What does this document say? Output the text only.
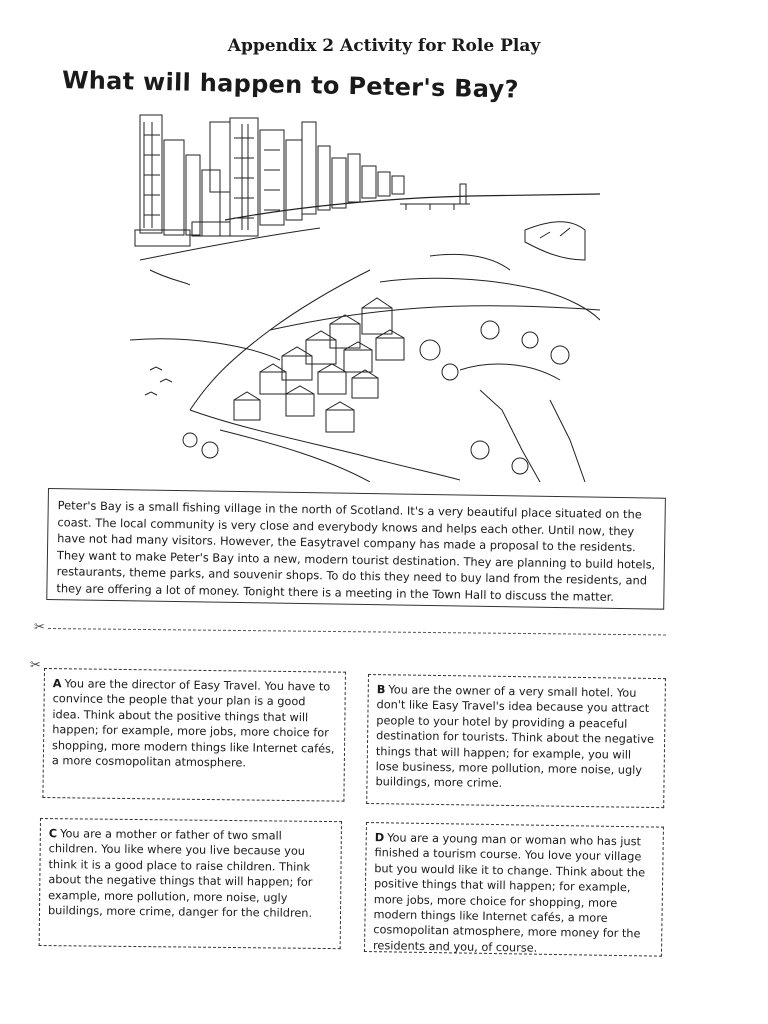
Appendix 2 Activity for Role Play
What will happen to Peter's Bay?

Peter's Bay is a small fishing village in the north of Scotland. It's a very beautiful place situated on the coast. The local community is very close and everybody knows and helps each other. Until now, they have not had many visitors. However, the Easytravel company has made a proposal to the residents. They want to make Peter's Bay into a new, modern tourist destination. They are planning to build hotels, restaurants, theme parks, and souvenir shops. To do this they need to buy land from the residents, and they are offering a lot of money. Tonight there is a meeting in the Town Hall to discuss the matter.

✂
✂

A You are the director of Easy Travel. You have to convince the people that your plan is a good idea. Think about the positive things that will happen; for example, more jobs, more choice for shopping, more modern things like Internet cafés, a more cosmopolitan atmosphere.

B You are the owner of a very small hotel. You don't like Easy Travel's idea because you attract people to your hotel by providing a peaceful destination for tourists. Think about the negative things that will happen; for example, you will lose business, more pollution, more noise, ugly buildings, more crime.

C You are a mother or father of two small children. You like where you live because you think it is a good place to raise children. Think about the negative things that will happen; for example, more pollution, more noise, ugly buildings, more crime, danger for the children.

D You are a young man or woman who has just finished a tourism course. You love your village but you would like it to change. Think about the positive things that will happen; for example, more jobs, more choice for shopping, more modern things like Internet cafés, a more cosmopolitan atmosphere, more money for the residents and you, of course.
